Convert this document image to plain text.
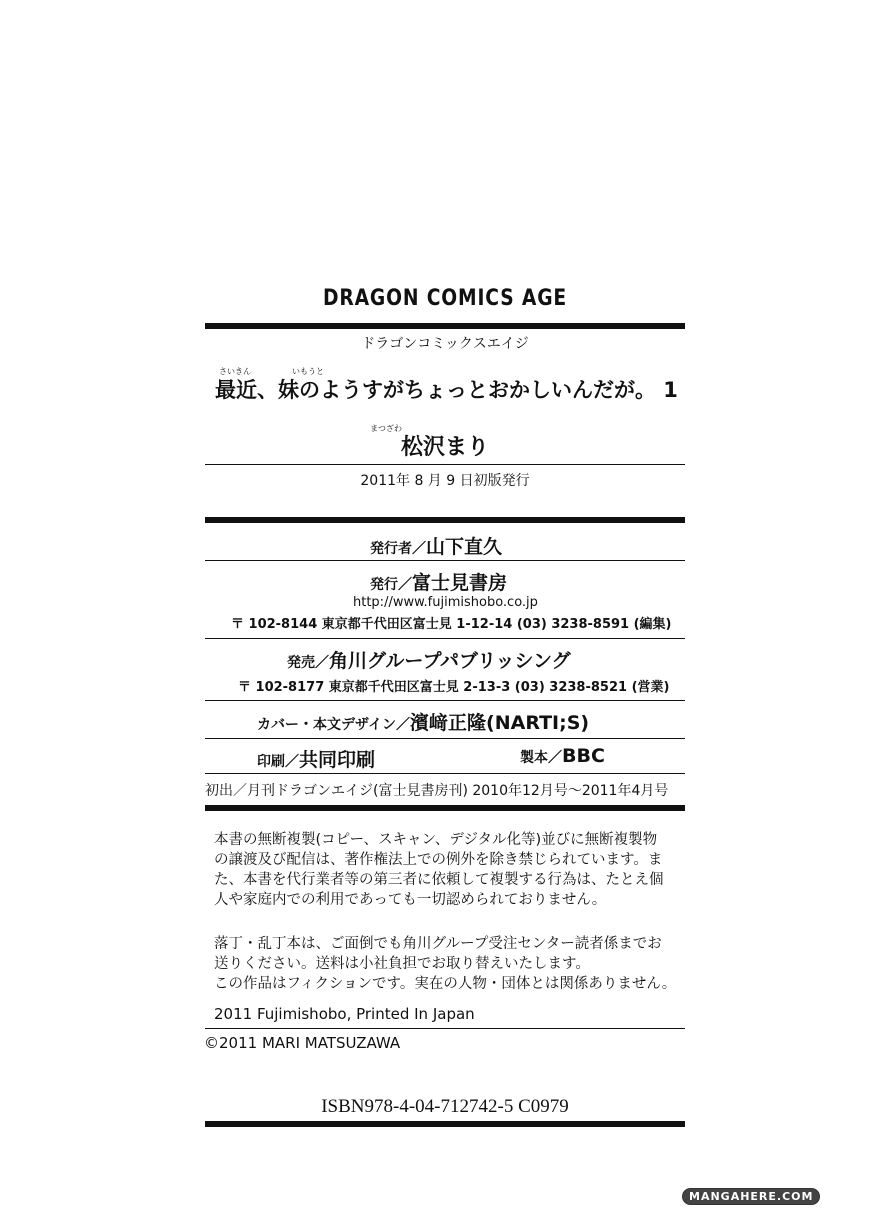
DRAGON COMICS AGE
ドラゴンコミックスエイジ
さいきん	いもうと
最近、妹のようすがちょっとおかしいんだが。 1
まつざわ
松沢まり
2011年 8 月 9 日初版発行
発行者／山下直久
発行／富士見書房
http://www.fujimishobo.co.jp
〒 102-8144 東京都千代田区富士見 1-12-14 (03) 3238-8591 (編集)
発売／角川グループパブリッシング
〒 102-8177 東京都千代田区富士見 2-13-3 (03) 3238-8521 (営業)
カバー・本文デザイン／濱﨑正隆(NARTI;S)
印刷／共同印刷	製本／BBC
初出／月刊ドラゴンエイジ(富士見書房刊) 2010年12月号〜2011年4月号

本書の無断複製(コピー、スキャン、デジタル化等)並びに無断複製物
の譲渡及び配信は、著作権法上での例外を除き禁じられています。ま
た、本書を代行業者等の第三者に依頼して複製する行為は、たとえ個
人や家庭内での利用であっても一切認められておりません。

落丁・乱丁本は、ご面倒でも角川グループ受注センター読者係までお
送りください。送料は小社負担でお取り替えいたします。
この作品はフィクションです。実在の人物・団体とは関係ありません。

2011 Fujimishobo, Printed In Japan
©2011 MARI MATSUZAWA
ISBN978-4-04-712742-5 C0979
MANGAHERE.COM
